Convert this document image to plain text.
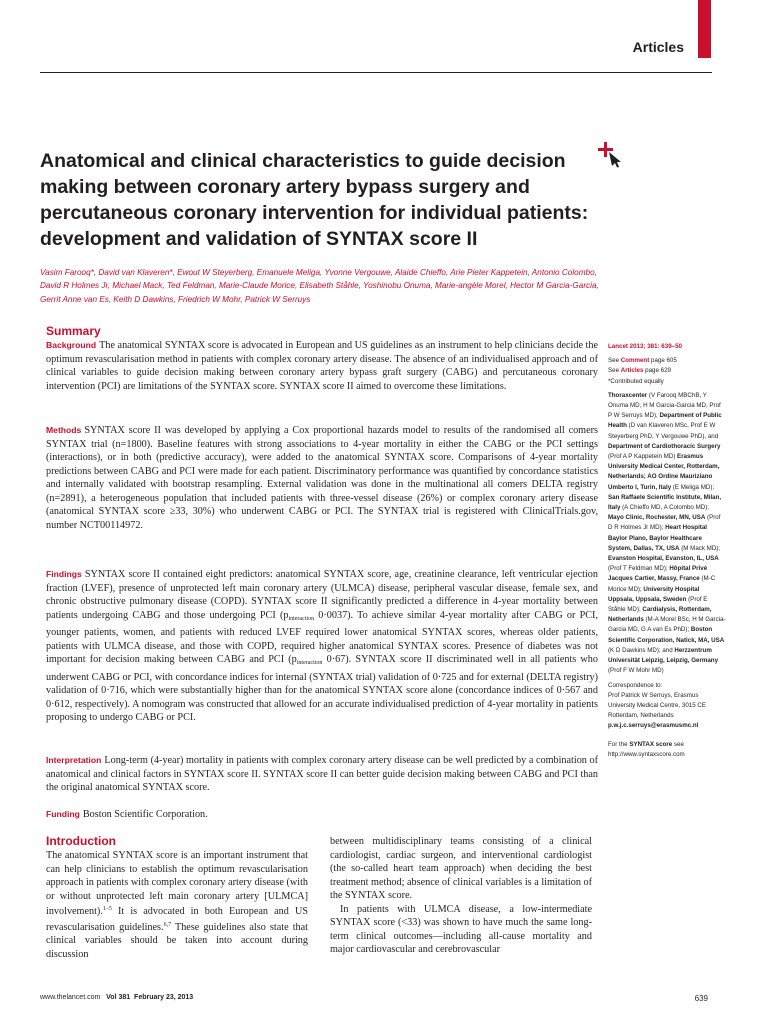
Articles
Anatomical and clinical characteristics to guide decision making between coronary artery bypass surgery and percutaneous coronary intervention for individual patients: development and validation of SYNTAX score II
Vasim Farooq*, David van Klaveren*, Ewout W Steyerberg, Emanuele Meliga, Yvonne Vergouwe, Alaide Chieffo, Arie Pieter Kappetein, Antonio Colombo, David R Holmes Jr, Michael Mack, Ted Feldman, Marie-Claude Morice, Elisabeth Ståhle, Yoshinobu Onuma, Marie-angèle Morel, Hector M Garcia-Garcia, Gerrit Anne van Es, Keith D Dawkins, Friedrich W Mohr, Patrick W Serruys
Summary

Background The anatomical SYNTAX score is advocated in European and US guidelines as an instrument to help clinicians decide the optimum revascularisation method in patients with complex coronary artery disease. The absence of an individualised approach and of clinical variables to guide decision making between coronary artery bypass graft surgery (CABG) and percutaneous coronary intervention (PCI) are limitations of the SYNTAX score. SYNTAX score II aimed to overcome these limitations.

Methods SYNTAX score II was developed by applying a Cox proportional hazards model to results of the randomised all comers SYNTAX trial (n=1800). Baseline features with strong associations to 4-year mortality in either the CABG or the PCI settings (interactions), or in both (predictive accuracy), were added to the anatomical SYNTAX score. Comparisons of 4-year mortality predictions between CABG and PCI were made for each patient. Discriminatory performance was quantified by concordance statistics and internally validated with bootstrap resampling. External validation was done in the multinational all comers DELTA registry (n=2891), a heterogeneous population that included patients with three-vessel disease (26%) or complex coronary artery disease (anatomical SYNTAX score ≥33, 30%) who underwent CABG or PCI. The SYNTAX trial is registered with ClinicalTrials.gov, number NCT00114972.

Findings SYNTAX score II contained eight predictors: anatomical SYNTAX score, age, creatinine clearance, left ventricular ejection fraction (LVEF), presence of unprotected left main coronary artery (ULMCA) disease, peripheral vascular disease, female sex, and chronic obstructive pulmonary disease (COPD). SYNTAX score II significantly predicted a difference in 4-year mortality between patients undergoing CABG and those undergoing PCI ($p_{interaction}$ 0·0037). To achieve similar 4-year mortality after CABG or PCI, younger patients, women, and patients with reduced LVEF required lower anatomical SYNTAX scores, whereas older patients, patients with ULMCA disease, and those with COPD, required higher anatomical SYNTAX scores. Presence of diabetes was not important for decision making between CABG and PCI ($p_{interaction}$ 0·67). SYNTAX score II discriminated well in all patients who underwent CABG or PCI, with concordance indices for internal (SYNTAX trial) validation of 0·725 and for external (DELTA registry) validation of 0·716, which were substantially higher than for the anatomical SYNTAX score alone (concordance indices of 0·567 and 0·612, respectively). A nomogram was constructed that allowed for an accurate individualised prediction of 4-year mortality in patients proposing to undergo CABG or PCI.

Interpretation Long-term (4-year) mortality in patients with complex coronary artery disease can be well predicted by a combination of anatomical and clinical factors in SYNTAX score II. SYNTAX score II can better guide decision making between CABG and PCI than the original anatomical SYNTAX score.

Funding Boston Scientific Corporation.

Introduction

The anatomical SYNTAX score is an important instrument that can help clinicians to establish the optimum revascularisation approach in patients with complex coronary artery disease (with or without unprotected left main coronary artery [ULMCA] involvement).$^{1-5}$ It is advocated in both European and US revascularisation guidelines.$^{6,7}$ These guidelines also state that clinical variables should be taken into account during discussion

between multidisciplinary teams consisting of a clinical cardiologist, cardiac surgeon, and interventional cardiologist (the so-called heart team approach) when deciding the best treatment method; absence of clinical variables is a limitation of the SYNTAX score.

In patients with ULMCA disease, a low-intermediate SYNTAX score (<33) was shown to have much the same long-term clinical outcomes—including all-cause mortality and major cardiovascular and cerebrovascular

Lancet 2013; 381: 639–50
See Comment page 605
See Articles page 629
*Contributed equally
Thoraxcenter (V Farooq MBChB, Y Onuma MD, H M Garcia-Garcia MD, Prof P W Serruys MD), Department of Public Health (D van Klaveren MSc, Prof E W Steyerberg PhD, Y Vergouwe PhD), and Department of Cardiothoracic Surgery (Prof A P Kappetein MD) Erasmus University Medical Center, Rotterdam, Netherlands; AO Ordine Mauriziano Umberto I, Turin, Italy (E Meliga MD); San Raffaele Scientific Institute, Milan, Italy (A Chieffo MD, A Colombo MD); Mayo Clinic, Rochester, MN, USA (Prof D R Holmes Jr MD); Heart Hospital Baylor Plano, Baylor Healthcare System, Dallas, TX, USA (M Mack MD); Evanston Hospital, Evanston, IL, USA (Prof T Feldman MD); Hôpital Privé Jacques Cartier, Massy, France (M-C Morice MD); University Hospital Uppsala, Uppsala, Sweden (Prof E Ståhle MD); Cardialysis, Rotterdam, Netherlands (M-A Morel BSc, H M Garcia-Garcia MD, G A van Es PhD); Boston Scientific Corporation, Natick, MA, USA (K D Dawkins MD); and Herzzentrum Universität Leipzig, Leipzig, Germany (Prof F W Mohr MD)
Correspondence to:
Prof Patrick W Serruys, Erasmus University Medical Centre, 3015 CE Rotterdam, Netherlands
p.w.j.c.serruys@erasmusmc.nl
For the SYNTAX score see
http://www.syntaxscore.com
www.thelancet.com Vol 381 February 23, 2013	639
